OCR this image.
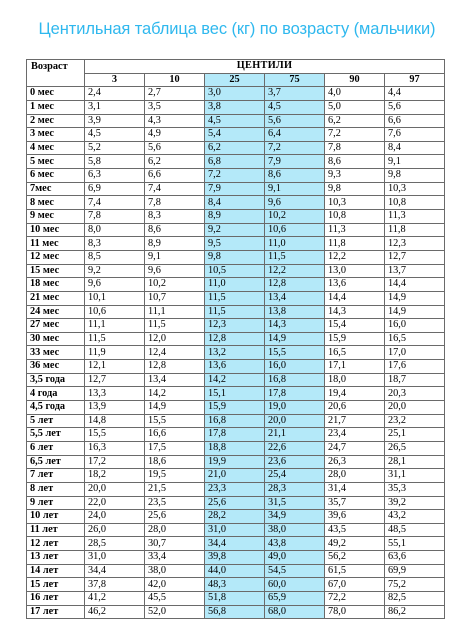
Центильная таблица вес (кг) по возрасту (мальчики)
Возраст	ЦЕНТИЛИ					
	3	10	25	75	90	97
0 мес	2,4	2,7	3,0	3,7	4,0	4,4
1 мес	3,1	3,5	3,8	4,5	5,0	5,6
2 мес	3,9	4,3	4,5	5,6	6,2	6,6
3 мес	4,5	4,9	5,4	6,4	7,2	7,6
4 мес	5,2	5,6	6,2	7,2	7,8	8,4
5 мес	5,8	6,2	6,8	7,9	8,6	9,1
6 мес	6,3	6,6	7,2	8,6	9,3	9,8
7мес	6,9	7,4	7,9	9,1	9,8	10,3
8 мес	7,4	7,8	8,4	9,6	10,3	10,8
9 мес	7,8	8,3	8,9	10,2	10,8	11,3
10 мес	8,0	8,6	9,2	10,6	11,3	11,8
11 мес	8,3	8,9	9,5	11,0	11,8	12,3
12 мес	8,5	9,1	9,8	11,5	12,2	12,7
15 мес	9,2	9,6	10,5	12,2	13,0	13,7
18 мес	9,6	10,2	11,0	12,8	13,6	14,4
21 мес	10,1	10,7	11,5	13,4	14,4	14,9
24 мес	10,6	11,1	11,5	13,8	14,3	14,9
27 мес	11,1	11,5	12,3	14,3	15,4	16,0
30 мес	11,5	12,0	12,8	14,9	15,9	16,5
33 мес	11,9	12,4	13,2	15,5	16,5	17,0
36 мес	12,1	12,8	13,6	16,0	17,1	17,6
3,5 года	12,7	13,4	14,2	16,8	18,0	18,7
4 года	13,3	14,2	15,1	17,8	19,4	20,3
4,5 года	13,9	14,9	15,9	19,0	20,6	20,0
5 лет	14,8	15,5	16,8	20,0	21,7	23,2
5,5 лет	15,5	16,6	17,8	21,1	23,4	25,1
6 лет	16,3	17,5	18,8	22,6	24,7	26,5
6,5 лет	17,2	18,6	19,9	23,6	26,3	28,1
7 лет	18,2	19,5	21,0	25,4	28,0	31,1
8 лет	20,0	21,5	23,3	28,3	31,4	35,3
9 лет	22,0	23,5	25,6	31,5	35,7	39,2
10 лет	24,0	25,6	28,2	34,9	39,6	43,2
11 лет	26,0	28,0	31,0	38,0	43,5	48,5
12 лет	28,5	30,7	34,4	43,8	49,2	55,1
13 лет	31,0	33,4	39,8	49,0	56,2	63,6
14 лет	34,4	38,0	44,0	54,5	61,5	69,9
15 лет	37,8	42,0	48,3	60,0	67,0	75,2
16 лет	41,2	45,5	51,8	65,9	72,2	82,5
17 лет	46,2	52,0	56,8	68,0	78,0	86,2
